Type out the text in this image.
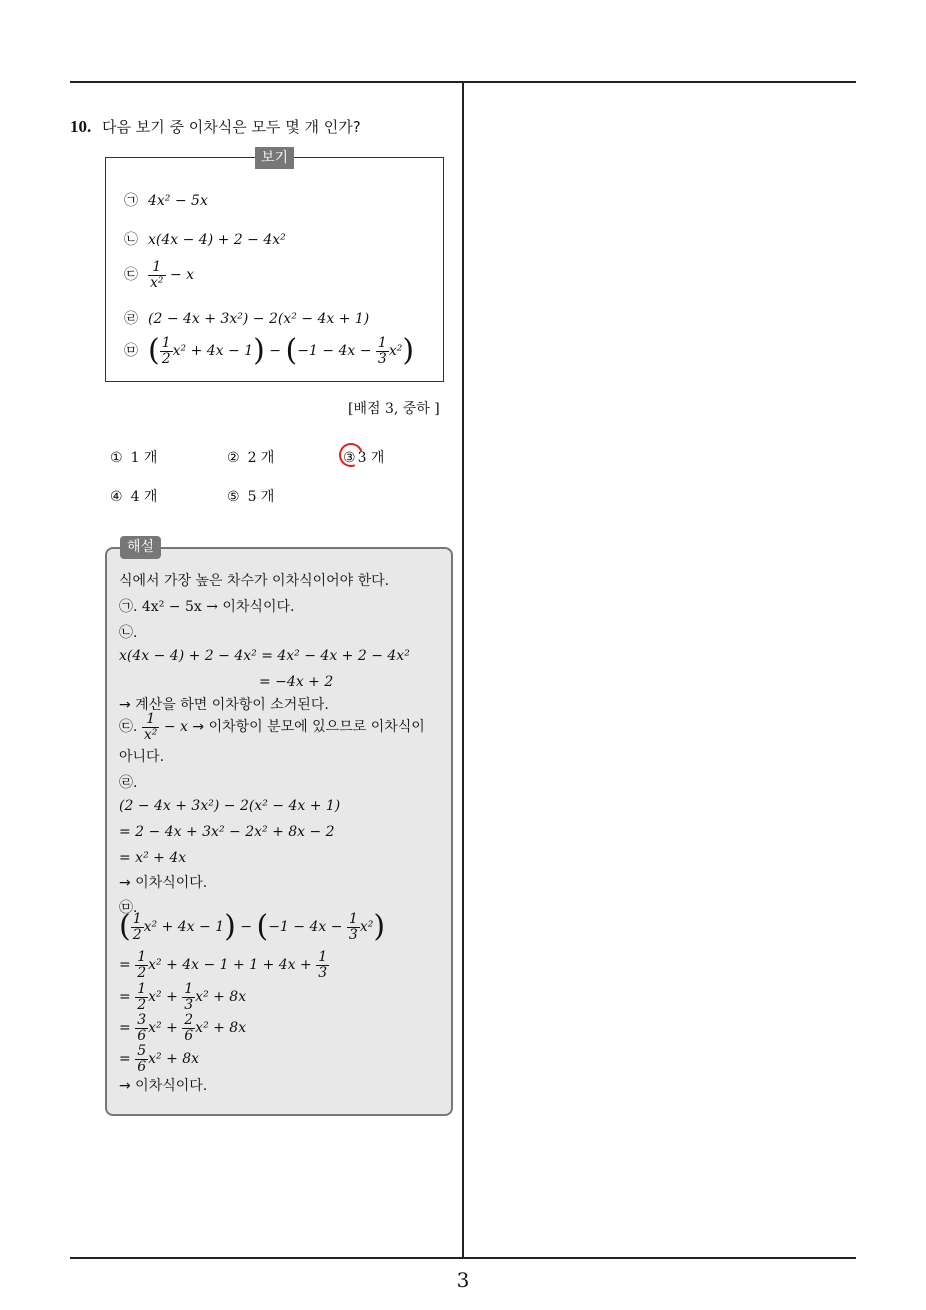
10. 다음 보기 중 이차식은 모두 몇 개 인가?
보기
㉠ 4x² − 5x
㉡ x(4x − 4) + 2 − 4x²
㉢ $\frac{1}{\text{x²}} - x$
㉣ (2 − 4x + 3x²) − 2(x² − 4x + 1)
㉤ ( $\frac{1}{2} x^2 + 4x - 1) - (-1 - 4x - \frac{1}{3} x^2)$
[배점 3, 중하 ]
① 1 개	② 2 개	③ 3 개
④ 4 개	⑤ 5 개
해설
식에서 가장 높은 차수가 이차식이어야 한다.
㉠. 4x² − 5x → 이차식이다.
㉡.
x(4x − 4) + 2 − 4x² = 4x² − 4x + 2 − 4x²
= −4x + 2
→ 계산을 하면 이차항이 소거된다.
㉢. $\frac{1}{\text{x²}} - x$ → 이차항이 분모에 있으므로 이차식이
아니다.
㉣.
(2 − 4x + 3x²) − 2(x² − 4x + 1)
= 2 − 4x + 3x² − 2x² + 8x − 2
= x² + 4x
→ 이차식이다.
㉤.
( $\frac{1}{2} x^2 + 4x - 1) - (-1 - 4x - \frac{1}{3} x^2)$
= $\frac{1}{2} x^2 + 4x - 1 + 1 + 4x + \frac{1}{3}$
= $\frac{1}{2} x^2 + \frac{1}{3} x^2 + 8x$
= $\frac{3}{6} x^2 + \frac{2}{6} x^2 + 8x$
= $\frac{5}{6} x^2 + 8x$
→ 이차식이다.
3
